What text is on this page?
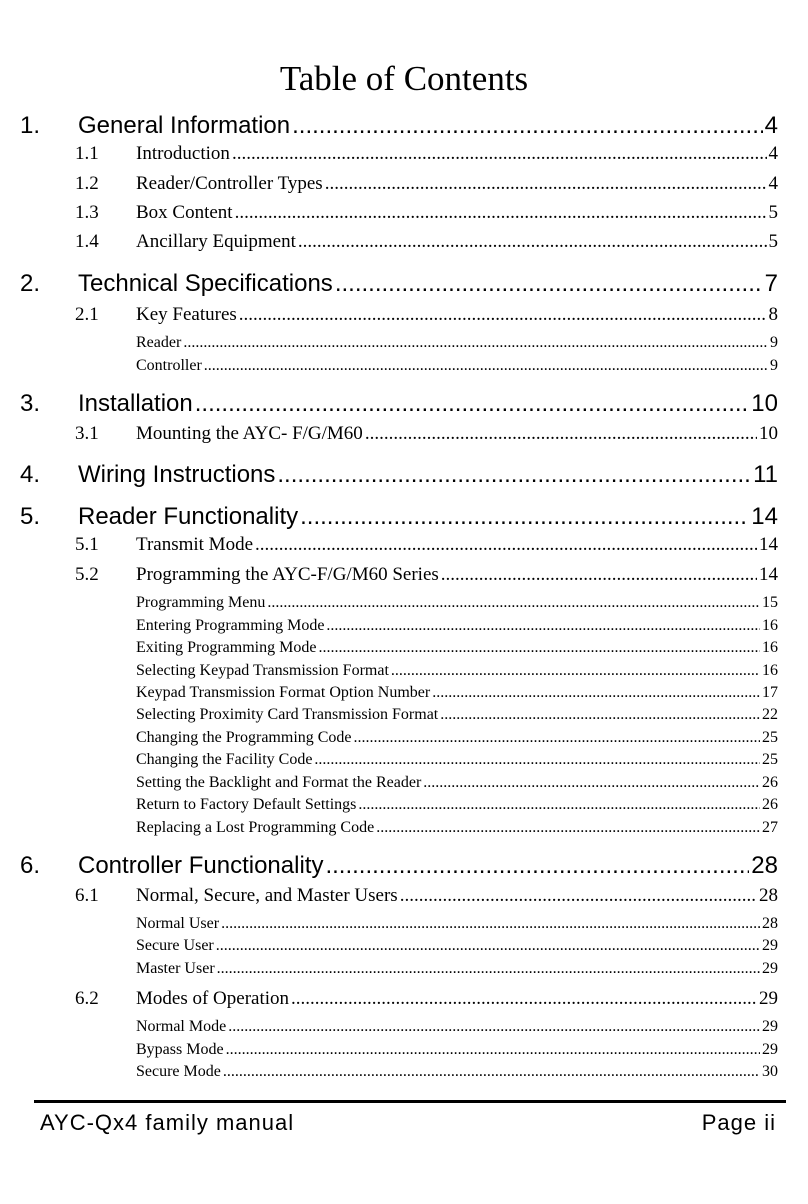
Table of Contents
1.	General Information .....	4
1.1	Introduction .....	4
1.2	Reader/Controller Types .....	4
1.3	Box Content .....	5
1.4	Ancillary Equipment .....	5
2.	Technical Specifications .....	7
2.1	Key Features .....	8
Reader .....	9
Controller .....	9
3.	Installation .....	10
3.1	Mounting the AYC- F/G/M60 .....	10
4.	Wiring Instructions .....	11
5.	Reader Functionality .....	14
5.1	Transmit Mode .....	14
5.2	Programming the AYC-F/G/M60 Series .....	14
Programming Menu .....	15
Entering Programming Mode .....	16
Exiting Programming Mode .....	16
Selecting Keypad Transmission Format .....	16
Keypad Transmission Format Option Number .....	17
Selecting Proximity Card Transmission Format .....	22
Changing the Programming Code .....	25
Changing the Facility Code .....	25
Setting the Backlight and Format the Reader .....	26
Return to Factory Default Settings .....	26
Replacing a Lost Programming Code .....	27
6.	Controller Functionality .....	28
6.1	Normal, Secure, and Master Users .....	28
Normal User .....	28
Secure User .....	29
Master User .....	29
6.2	Modes of Operation .....	29
Normal Mode .....	29
Bypass Mode .....	29
Secure Mode .....	30
AYC-Qx4 family manual	Page ii
